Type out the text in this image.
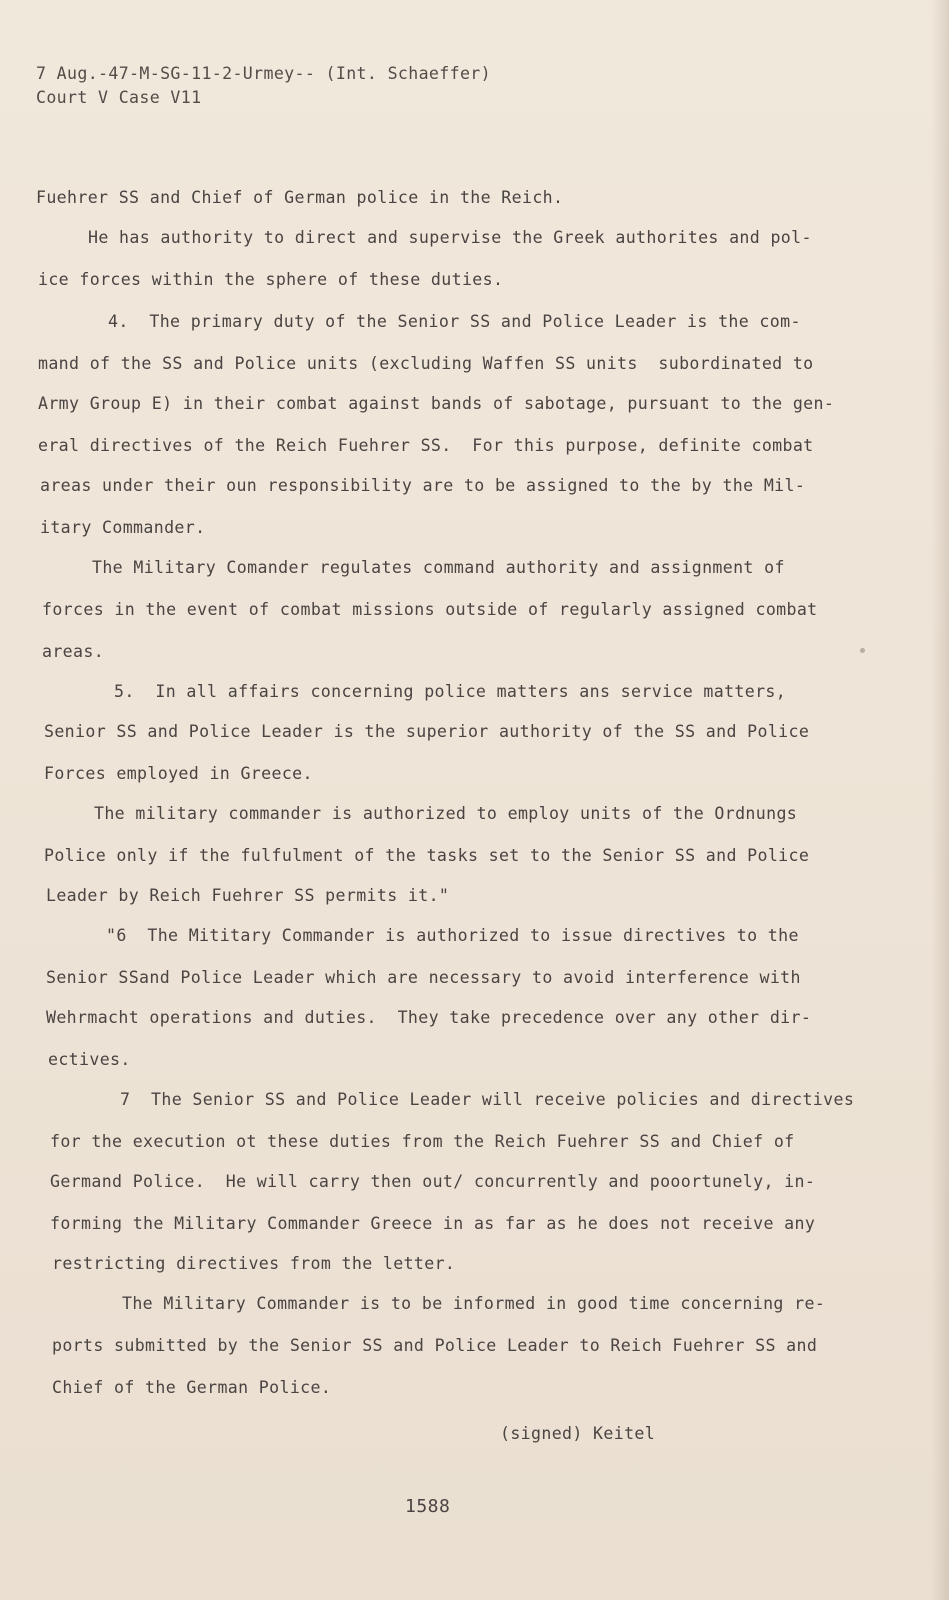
7 Aug.-47-M-SG-11-2-Urmey-- (Int. Schaeffer)
Court V Case V11
Fuehrer SS and Chief of German police in the Reich.
He has authority to direct and supervise the Greek authorites and pol-
ice forces within the sphere of these duties.
4.  The primary duty of the Senior SS and Police Leader is the com-
mand of the SS and Police units (excluding Waffen SS units  subordinated to
Army Group E) in their combat against bands of sabotage, pursuant to the gen-
eral directives of the Reich Fuehrer SS.  For this purpose, definite combat
areas under their oun responsibility are to be assigned to the by the Mil-
itary Commander.
The Military Comander regulates command authority and assignment of
forces in the event of combat missions outside of regularly assigned combat
areas.
5.  In all affairs concerning police matters ans service matters,
Senior SS and Police Leader is the superior authority of the SS and Police
Forces employed in Greece.
The military commander is authorized to employ units of the Ordnungs
Police only if the fulfulment of the tasks set to the Senior SS and Police
Leader by Reich Fuehrer SS permits it."
"6  The Mititary Commander is authorized to issue directives to the
Senior SSand Police Leader which are necessary to avoid interference with
Wehrmacht operations and duties.  They take precedence over any other dir-
ectives.
7  The Senior SS and Police Leader will receive policies and directives
for the execution ot these duties from the Reich Fuehrer SS and Chief of
Germand Police.  He will carry then out/ concurrently and pooortunely, in-
forming the Military Commander Greece in as far as he does not receive any
restricting directives from the letter.
The Military Commander is to be informed in good time concerning re-
ports submitted by the Senior SS and Police Leader to Reich Fuehrer SS and
Chief of the German Police.
(signed) Keitel
1588
